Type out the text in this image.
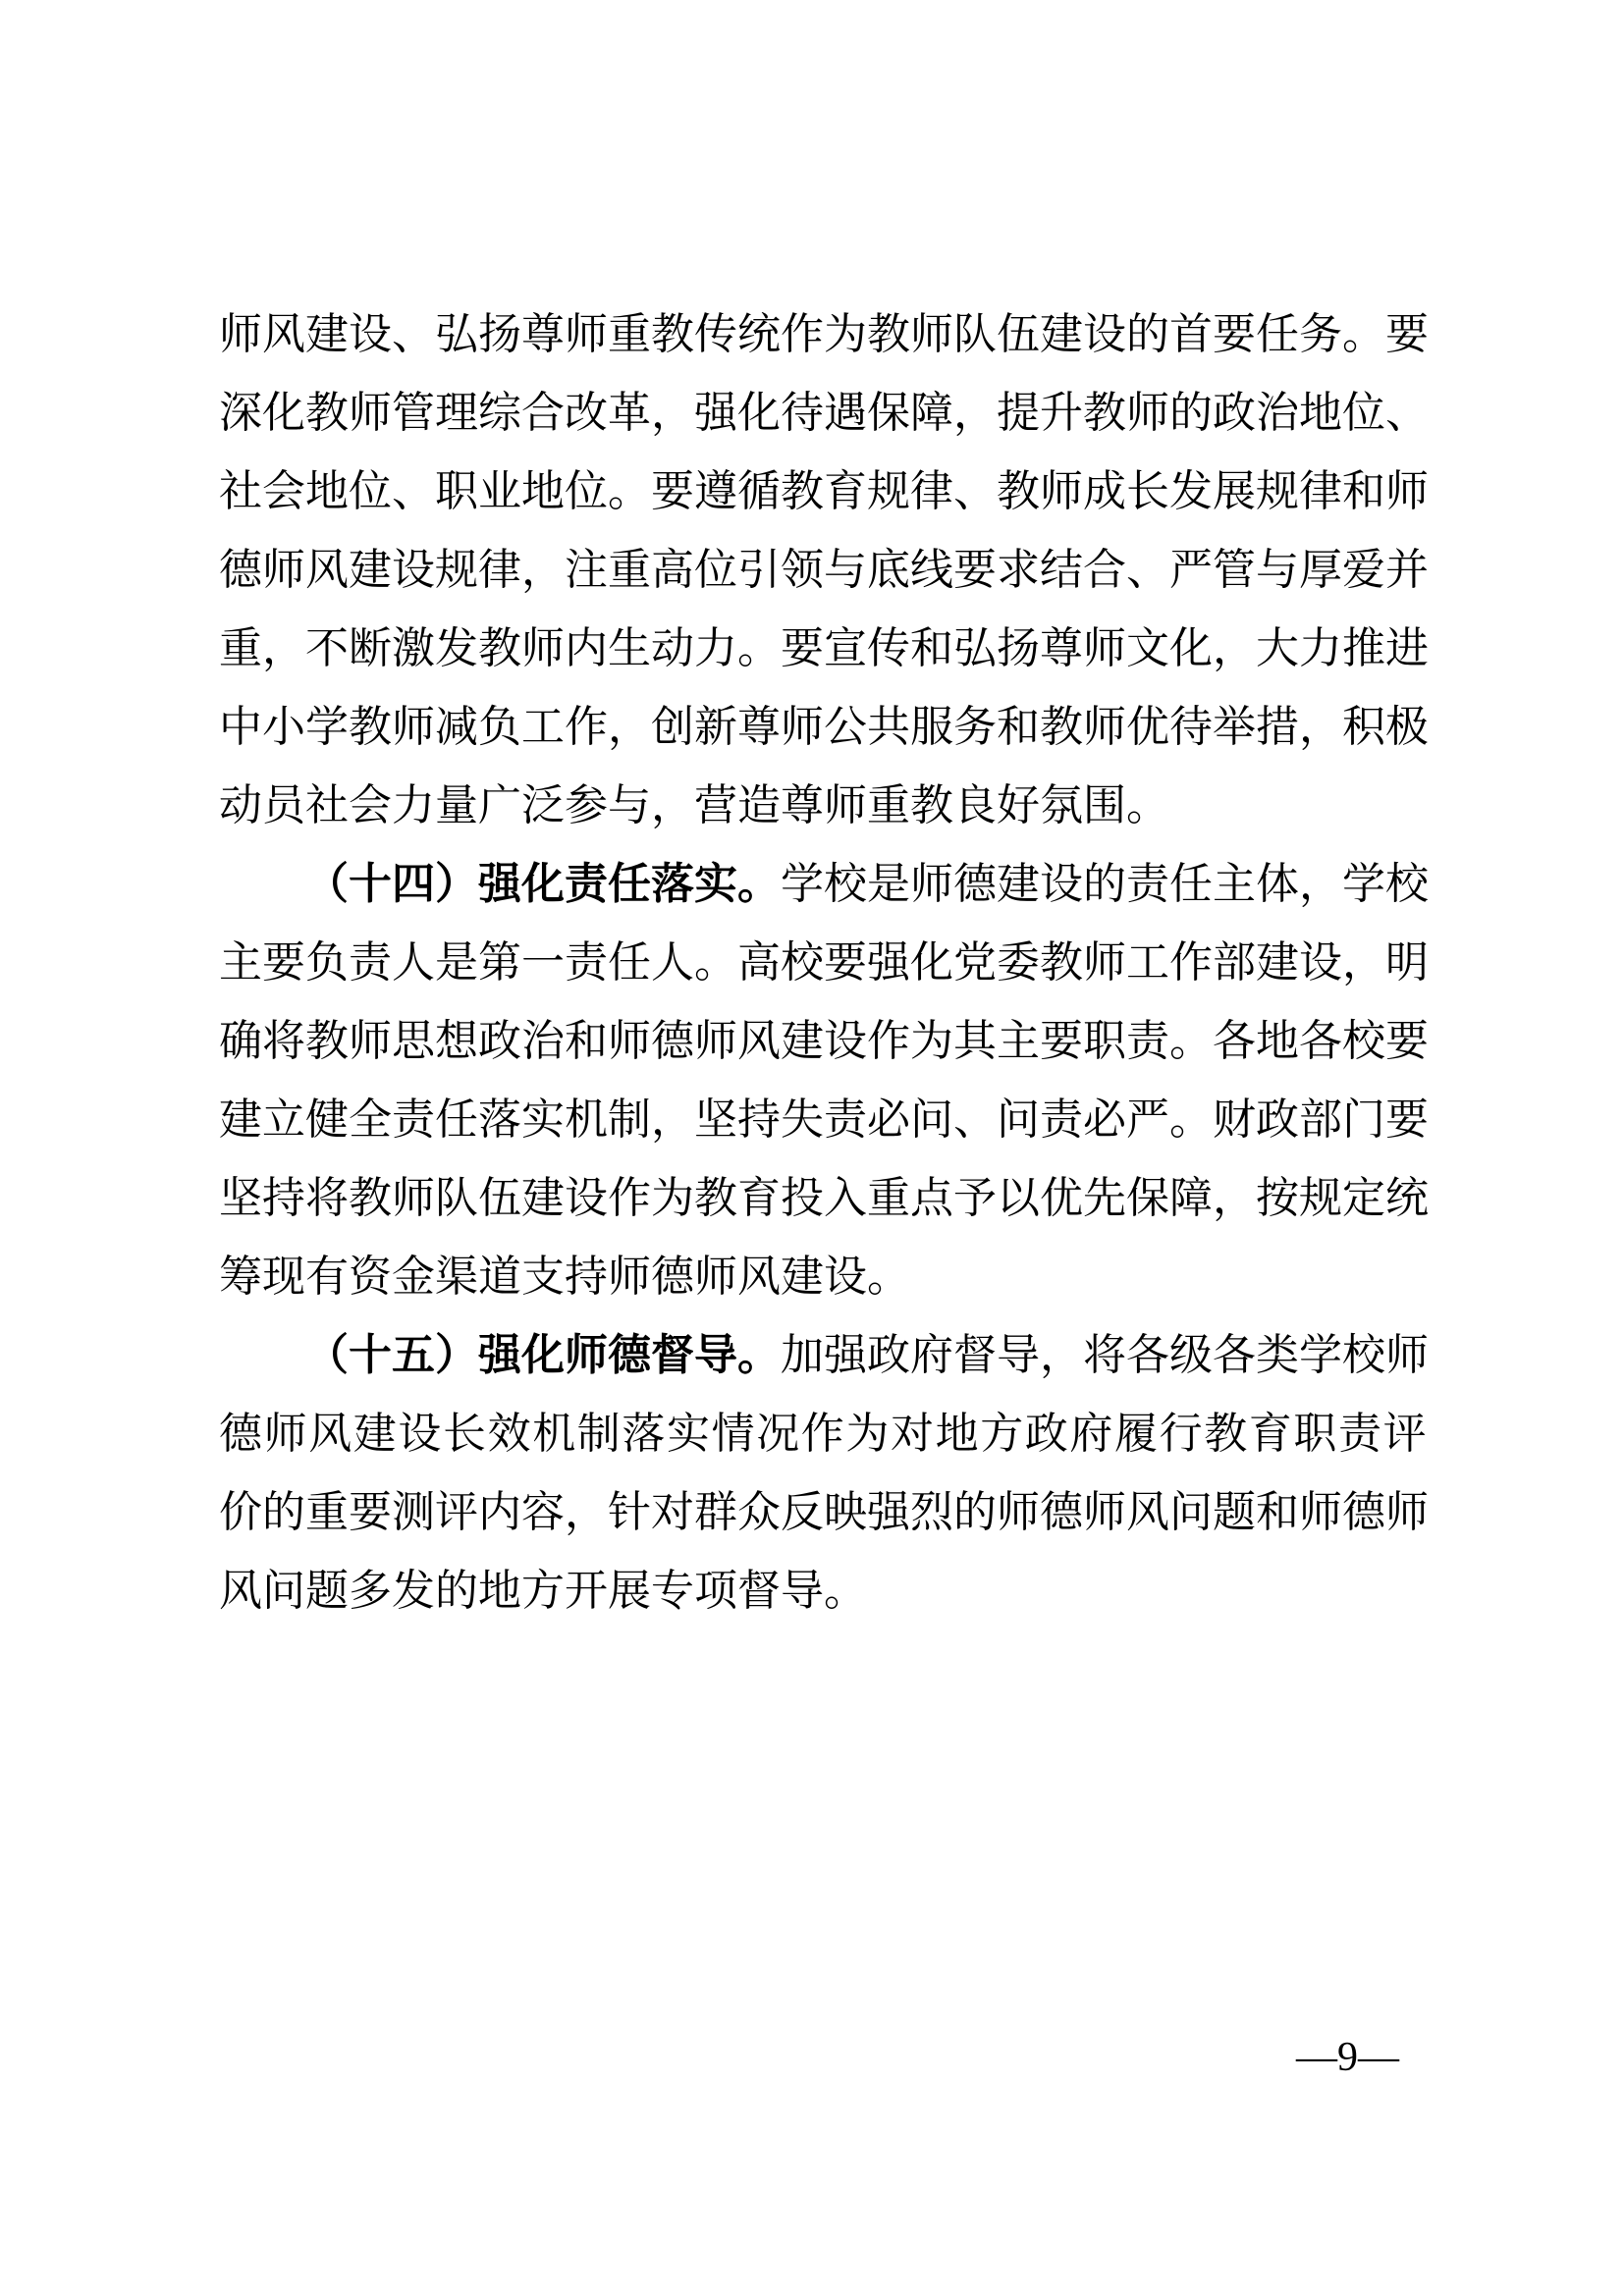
师风建设、弘扬尊师重教传统作为教师队伍建设的首要任务。要
深化教师管理综合改革，强化待遇保障，提升教师的政治地位、
社会地位、职业地位。要遵循教育规律、教师成长发展规律和师
德师风建设规律，注重高位引领与底线要求结合、严管与厚爱并
重，不断激发教师内生动力。要宣传和弘扬尊师文化，大力推进
中小学教师减负工作，创新尊师公共服务和教师优待举措，积极
动员社会力量广泛参与，营造尊师重教良好氛围。
（十四）强化责任落实。学校是师德建设的责任主体，学校
主要负责人是第一责任人。高校要强化党委教师工作部建设，明
确将教师思想政治和师德师风建设作为其主要职责。各地各校要
建立健全责任落实机制，坚持失责必问、问责必严。财政部门要
坚持将教师队伍建设作为教育投入重点予以优先保障，按规定统
筹现有资金渠道支持师德师风建设。
（十五）强化师德督导。加强政府督导，将各级各类学校师
德师风建设长效机制落实情况作为对地方政府履行教育职责评
价的重要测评内容，针对群众反映强烈的师德师风问题和师德师
风问题多发的地方开展专项督导。
—9—
